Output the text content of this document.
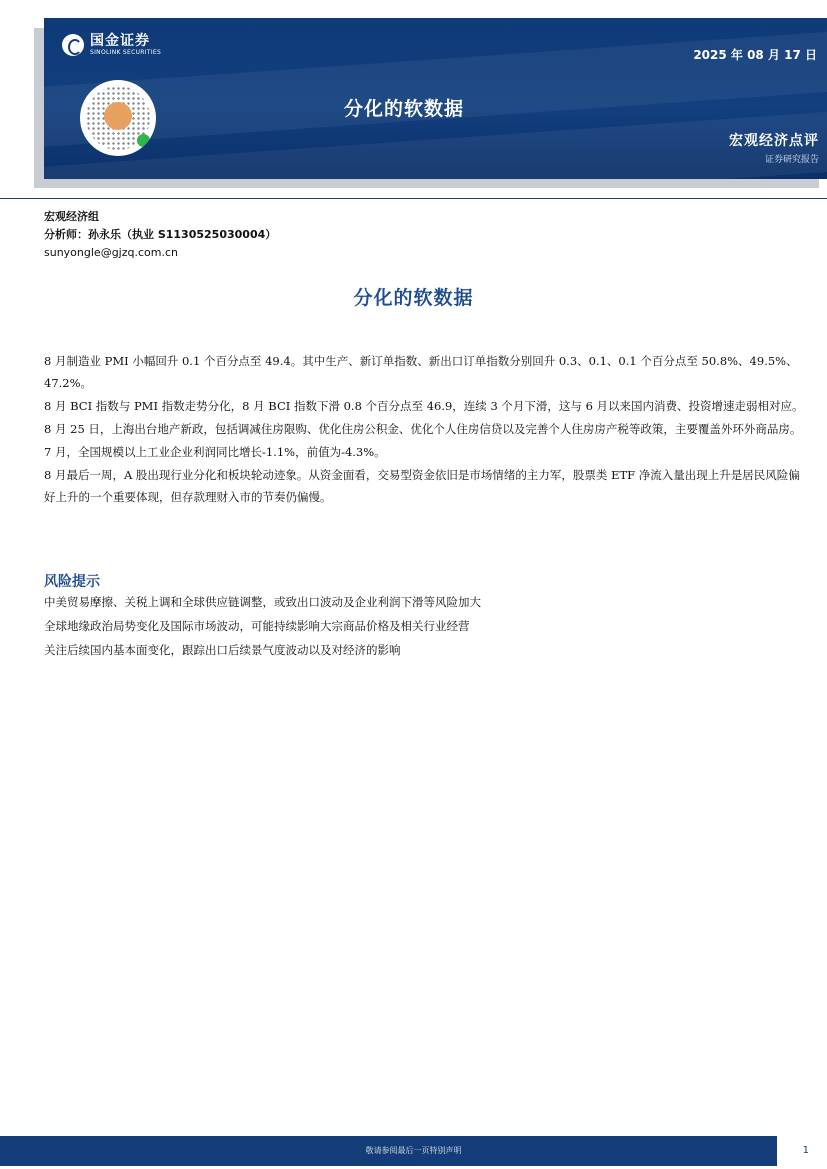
国金证券
SINOLINK SECURITIES
分化的软数据
2025 年 08 月 17 日
宏观经济点评
证券研究报告
宏观经济组
分析师：孙永乐（执业 S1130525030004）
sunyongle@gjzq.com.cn
分化的软数据

8 月制造业 PMI 小幅回升 0.1 个百分点至 49.4。其中生产、新订单指数、新出口订单指数分别回升 0.3、0.1、0.1 个百分点至 50.8%、49.5%、47.2%。

8 月 BCI 指数与 PMI 指数走势分化，8 月 BCI 指数下滑 0.8 个百分点至 46.9，连续 3 个月下滑，这与 6 月以来国内消费、投资增速走弱相对应。

8 月 25 日，上海出台地产新政，包括调减住房限购、优化住房公积金、优化个人住房信贷以及完善个人住房房产税等政策，主要覆盖外环外商品房。

7 月，全国规模以上工业企业利润同比增长-1.1%，前值为-4.3%。

8 月最后一周，A 股出现行业分化和板块轮动迹象。从资金面看，交易型资金依旧是市场情绪的主力军，股票类 ETF 净流入量出现上升是居民风险偏好上升的一个重要体现，但存款理财入市的节奏仍偏慢。

风险提示
中美贸易摩擦、关税上调和全球供应链调整，或致出口波动及企业利润下滑等风险加大
全球地缘政治局势变化及国际市场波动，可能持续影响大宗商品价格及相关行业经营
关注后续国内基本面变化，跟踪出口后续景气度波动以及对经济的影响
敬请参阅最后一页特别声明	1
